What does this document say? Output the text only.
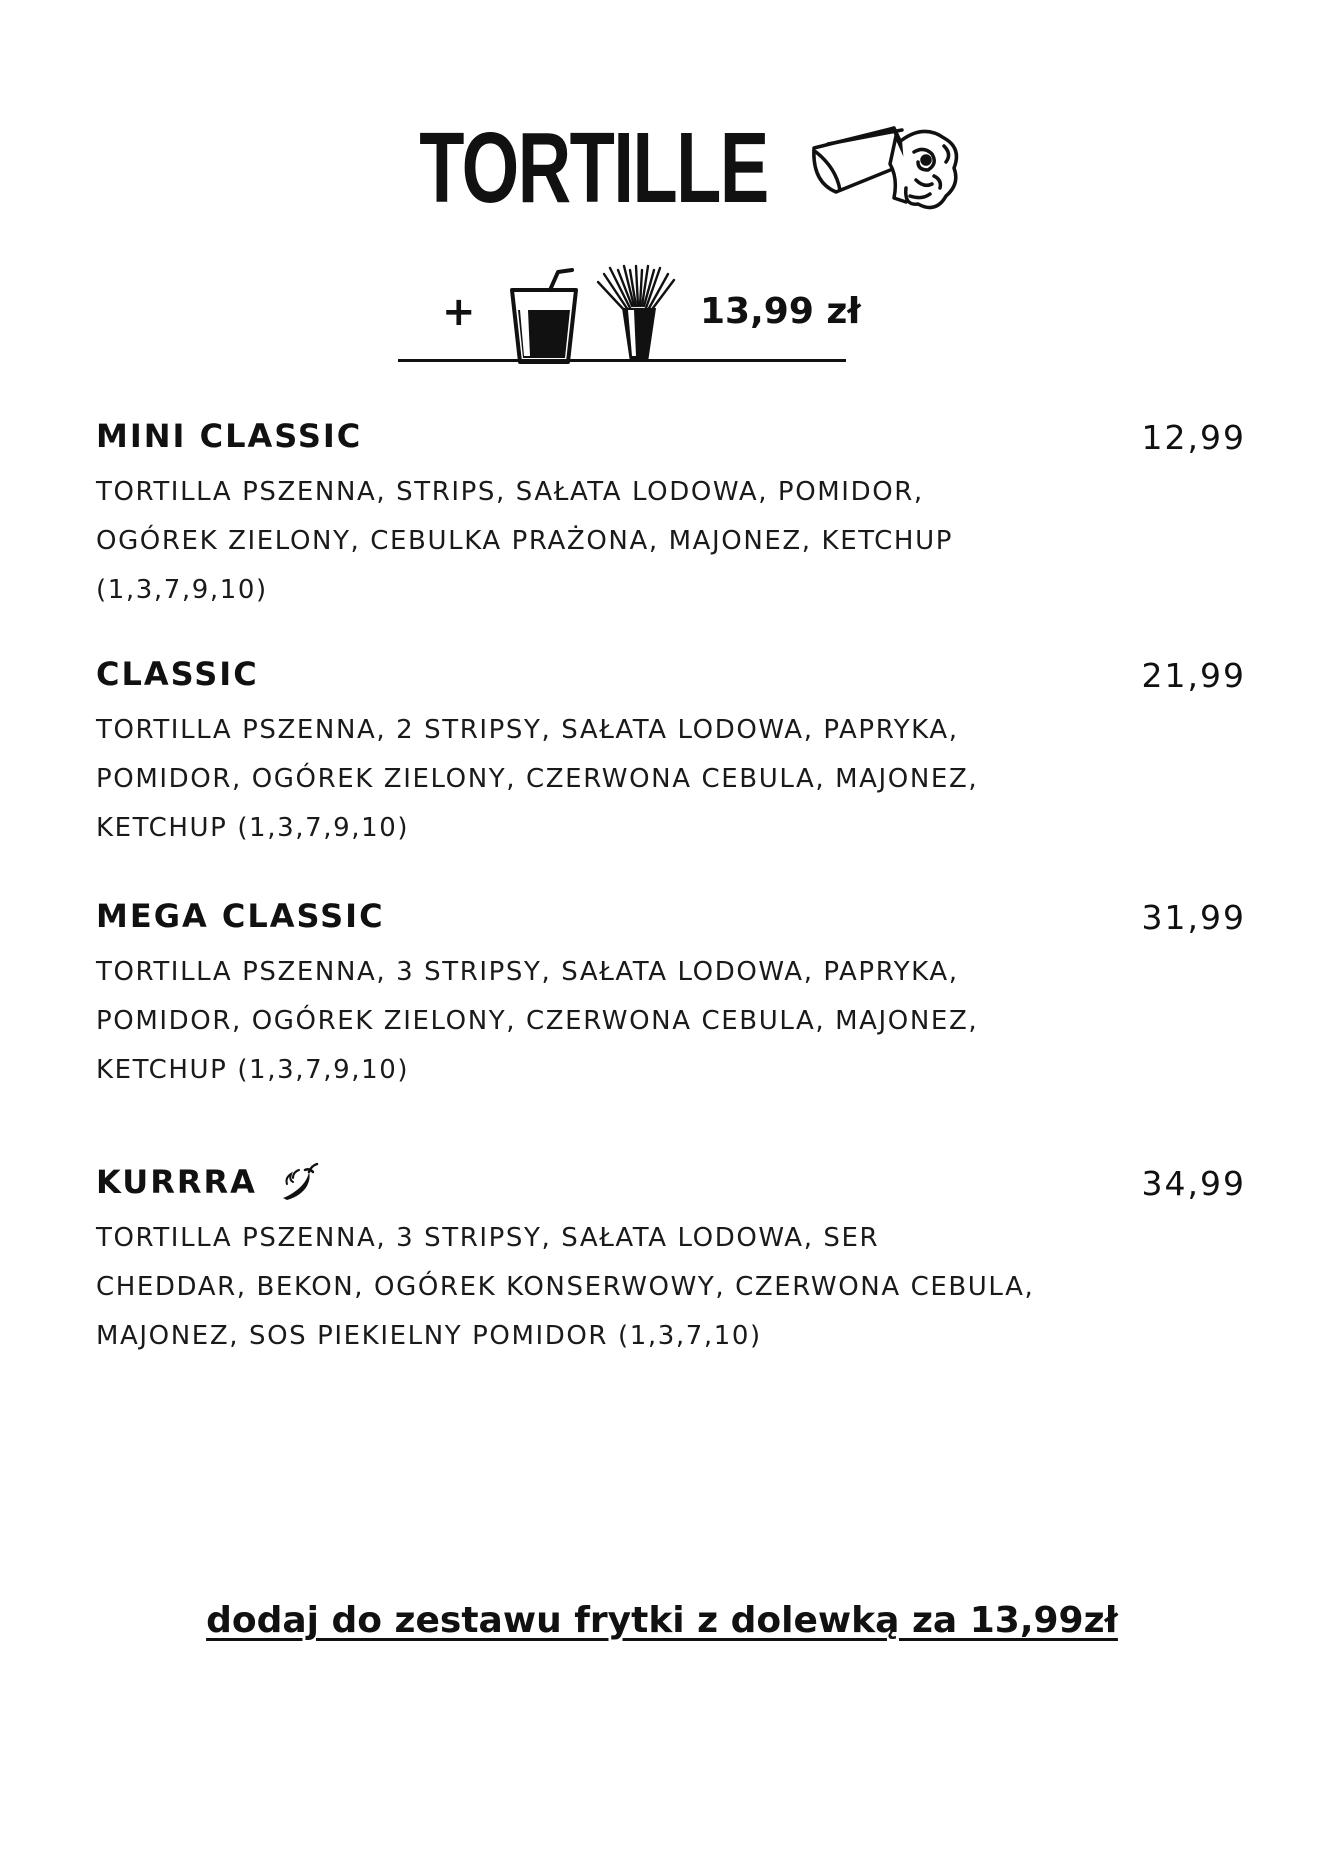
TORTILLE
+	13,99 zł
MINI CLASSIC	12,99
TORTILLA PSZENNA, STRIPS, SAŁATA LODOWA, POMIDOR, OGÓREK ZIELONY, CEBULKA PRAŻONA, MAJONEZ, KETCHUP (1,3,7,9,10)
CLASSIC	21,99
TORTILLA PSZENNA, 2 STRIPSY, SAŁATA LODOWA, PAPRYKA, POMIDOR, OGÓREK ZIELONY, CZERWONA CEBULA, MAJONEZ, KETCHUP (1,3,7,9,10)
MEGA CLASSIC	31,99
TORTILLA PSZENNA, 3 STRIPSY, SAŁATA LODOWA, PAPRYKA, POMIDOR, OGÓREK ZIELONY, CZERWONA CEBULA, MAJONEZ, KETCHUP (1,3,7,9,10)
KURRRA	34,99
TORTILLA PSZENNA, 3 STRIPSY, SAŁATA LODOWA, SER CHEDDAR, BEKON, OGÓREK KONSERWOWY, CZERWONA CEBULA, MAJONEZ, SOS PIEKIELNY POMIDOR (1,3,7,10)
dodaj do zestawu frytki z dolewką za 13,99zł
